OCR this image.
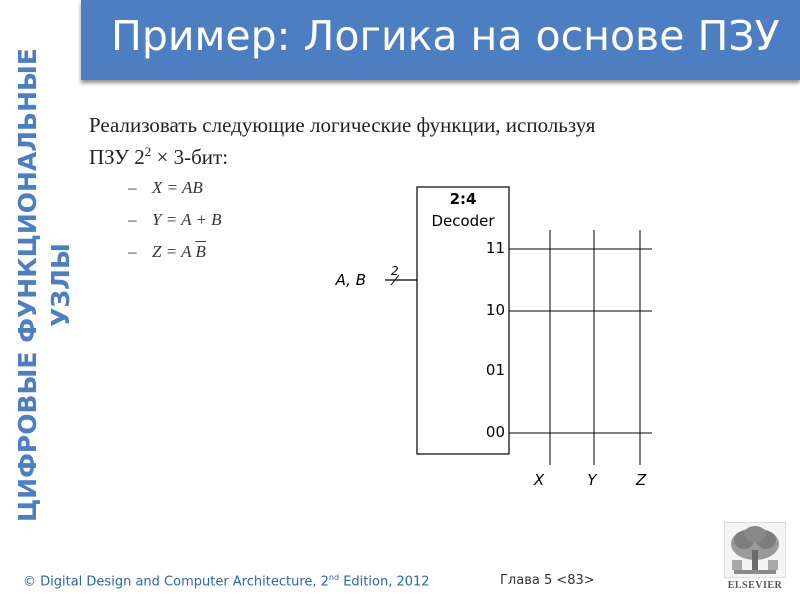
Пример: Логика на основе ПЗУ
ЦИФРОВЫЕ ФУНКЦИОНАЛЬНЫЕ УЗЛЫ
Реализовать следующие логические функции, используя
ПЗУ $2^2 \times 3-бит$:
– X = AB
– Y = A + B
– Z = A $\overline{B}$
2:4
Decoder
A, B 2
11
10
01
00
X	Y	Z
© Digital Design and Computer Architecture, 2nd Edition, 2012	Глава 5 <83>	ELSEVIER
